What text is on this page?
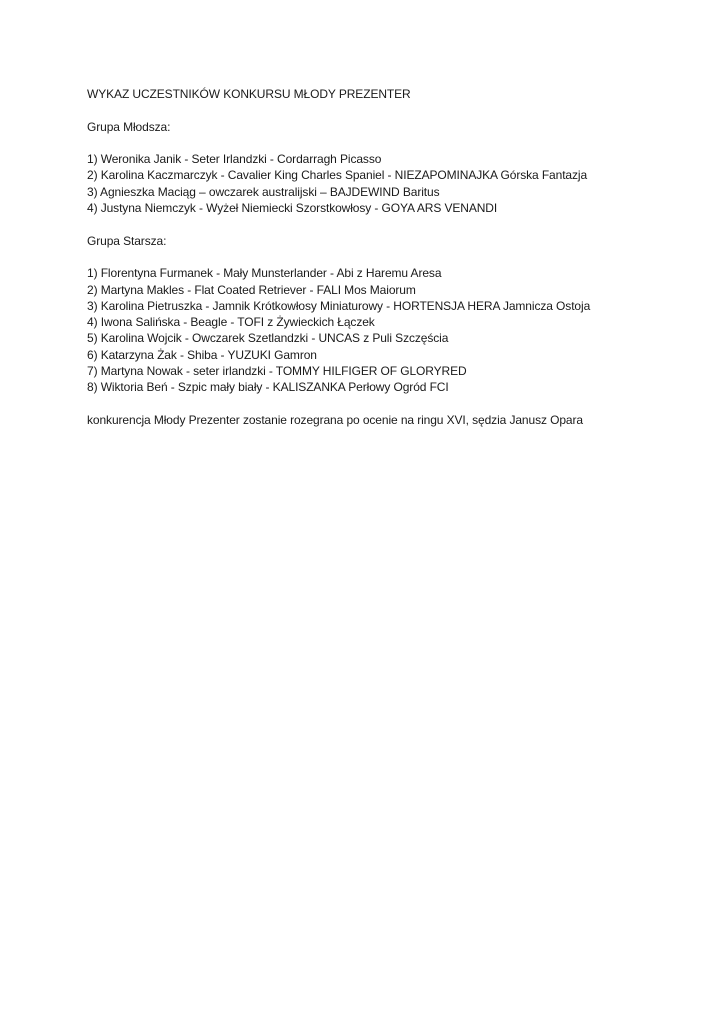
WYKAZ UCZESTNIKÓW KONKURSU MŁODY PREZENTER
Grupa Młodsza:
1) Weronika Janik - Seter Irlandzki - Cordarragh Picasso
2) Karolina Kaczmarczyk - Cavalier King Charles Spaniel - NIEZAPOMINAJKA Górska Fantazja
3) Agnieszka Maciąg – owczarek australijski – BAJDEWIND Baritus
4) Justyna Niemczyk - Wyżeł Niemiecki Szorstkowłosy - GOYA ARS VENANDI
Grupa Starsza:
1) Florentyna Furmanek - Mały Munsterlander - Abi z Haremu Aresa
2) Martyna Makles - Flat Coated Retriever - FALI Mos Maiorum
3) Karolina Pietruszka - Jamnik Krótkowłosy Miniaturowy - HORTENSJA HERA Jamnicza Ostoja
4) Iwona Salińska - Beagle - TOFI z Żywieckich Łączek
5) Karolina Wojcik - Owczarek Szetlandzki - UNCAS z Puli Szczęścia
6) Katarzyna Żak - Shiba - YUZUKI Gamron
7) Martyna Nowak - seter irlandzki - TOMMY HILFIGER OF GLORYRED
8) Wiktoria Beń - Szpic mały biały - KALISZANKA Perłowy Ogród FCI
konkurencja Młody Prezenter zostanie rozegrana po ocenie na ringu XVI, sędzia Janusz Opara
